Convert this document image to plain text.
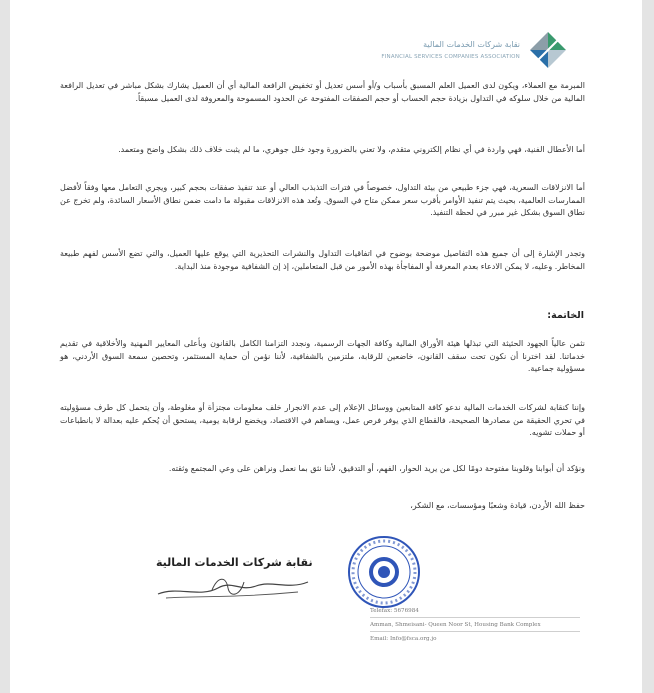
نقابة شركات الخدمات المالية
FINANCIAL SERVICES COMPANIES ASSOCIATION
المبرمة مع العملاء، ويكون لدى العميل العلم المسبق بأسباب و/أو أسس تعديل أو تخفيض الرافعة المالية أي أن العميل يشارك بشكل مباشر في تعديل الرافعة المالية من خلال سلوكه في التداول بزيادة حجم الحساب أو حجم الصفقات المفتوحة عن الحدود المسموحة والمعروفة لدى العميل مسبقاً.
أما الأعطال الفنية، فهي واردة في أي نظام إلكتروني متقدم، ولا تعني بالضرورة وجود خلل جوهري، ما لم يثبت خلاف ذلك بشكل واضح ومتعمد.
أما الانزلاقات السعرية، فهي جزء طبيعي من بيئة التداول، خصوصاً في فترات التذبذب العالي أو عند تنفيذ صفقات بحجم كبير، ويجري التعامل معها وفقاً لأفضل الممارسات العالمية، بحيث يتم تنفيذ الأوامر بأقرب سعر ممكن متاح في السوق. وتُعد هذه الانزلاقات مقبولة ما دامت ضمن نطاق الأسعار السائدة، ولم تخرج عن نطاق السوق بشكل غير مبرر في لحظة التنفيذ.
وتجدر الإشارة إلى أن جميع هذه التفاصيل موضحة بوضوح في اتفاقيات التداول والنشرات التحذيرية التي يوقع عليها العميل، والتي تضع الأسس لفهم طبيعة المخاطر. وعليه، لا يمكن الادعاء بعدم المعرفة أو المفاجأة بهذه الأمور من قبل المتعاملين، إذ إن الشفافية موجودة منذ البداية.
الخاتمة:
نثمن عالياً الجهود الحثيثة التي تبذلها هيئة الأوراق المالية وكافة الجهات الرسمية، ونجدد التزامنا الكامل بالقانون وبأعلى المعايير المهنية والأخلاقية في تقديم خدماتنا. لقد اخترنا أن نكون تحت سقف القانون، خاضعين للرقابة، ملتزمين بالشفافية، لأننا نؤمن أن حماية المستثمر، وتحصين سمعة السوق الأردني، هو مسؤولية جماعية.
وإننا كنقابة لشركات الخدمات المالية ندعو كافة المتابعين ووسائل الإعلام إلى عدم الانجرار خلف معلومات مجتزأة أو مغلوطة، وأن يتحمل كل طرف مسؤوليته في تحري الحقيقة من مصادرها الصحيحة، فالقطاع الذي يوفر فرص عمل، ويساهم في الاقتصاد، ويخضع لرقابة يومية، يستحق أن يُحكم عليه بعدالة لا بانطباعات أو حملات تشويه.
ونؤكد أن أبوابنا وقلوبنا مفتوحة دومًا لكل من يريد الحوار، الفهم، أو التدقيق، لأننا نثق بما نعمل ونراهن على وعي المجتمع وثقته.
حفظ الله الأردن، قيادة وشعبًا ومؤسسات، مع الشكر،
نقابة شركات الخدمات المالية
Telefax: 5676984
Amman, Shmeisani- Queen Noor St, Housing Bank Complex
Email: Info@fsca.org.jo
